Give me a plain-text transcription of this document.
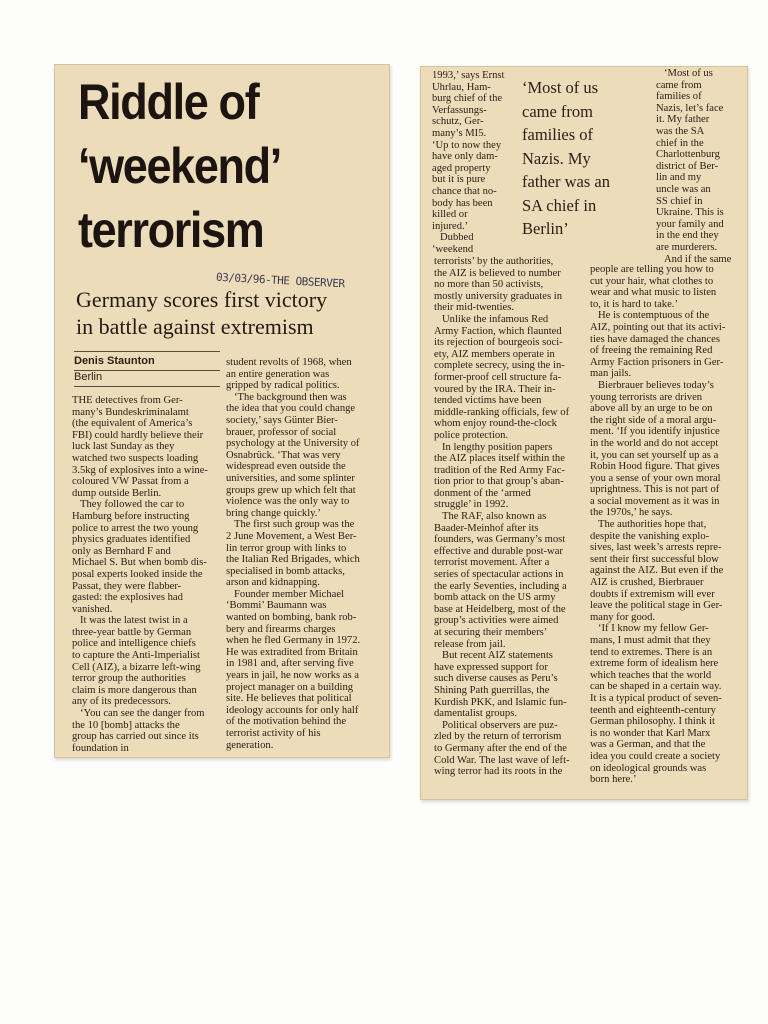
Riddle of
‘weekend’
terrorism
03/03/96-THE OBSERVER
Germany scores first victory
in battle against extremism
Denis Staunton
Berlin
THE detectives from Ger-
many’s Bundeskriminalamt
(the equivalent of America’s
FBI) could hardly believe their
luck last Sunday as they
watched two suspects loading
3.5kg of explosives into a wine-
coloured VW Passat from a
dump outside Berlin.
They followed the car to
Hamburg before instructing
police to arrest the two young
physics graduates identified
only as Bernhard F and
Michael S. But when bomb dis-
posal experts looked inside the
Passat, they were flabber-
gasted: the explosives had
vanished.
It was the latest twist in a
three-year battle by German
police and intelligence chiefs
to capture the Anti-Imperialist
Cell (AIZ), a bizarre left-wing
terror group the authorities
claim is more dangerous than
any of its predecessors.
‘You can see the danger from
the 10 [bomb] attacks the
group has carried out since its
foundation in
student revolts of 1968, when
an entire generation was
gripped by radical politics.
‘The background then was
the idea that you could change
society,’ says Günter Bier-
brauer, professor of social
psychology at the University of
Osnabrück. ‘That was very
widespread even outside the
universities, and some splinter
groups grew up which felt that
violence was the only way to
bring change quickly.’
The first such group was the
2 June Movement, a West Ber-
lin terror group with links to
the Italian Red Brigades, which
specialised in bomb attacks,
arson and kidnapping.
Founder member Michael
‘Bommi’ Baumann was
wanted on bombing, bank rob-
bery and firearms charges
when he fled Germany in 1972.
He was extradited from Britain
in 1981 and, after serving five
years in jail, he now works as a
project manager on a building
site. He believes that political
ideology accounts for only half
of the motivation behind the
terrorist activity of his
generation.
1993,’ says Ernst
Uhrlau, Ham-
burg chief of the
Verfassungs-
schutz, Ger-
many’s MI5.
‘Up to now they
have only dam-
aged property
but it is pure
chance that no-
body has been
killed or
injured.’
Dubbed
‘weekend
‘Most of us
came from
families of
Nazis. My
father was an
SA chief in
Berlin’
terrorists’ by the authorities,
the AIZ is believed to number
no more than 50 activists,
mostly university graduates in
their mid-twenties.
Unlike the infamous Red
Army Faction, which flaunted
its rejection of bourgeois soci-
ety, AIZ members operate in
complete secrecy, using the in-
former-proof cell structure fa-
voured by the IRA. Their in-
tended victims have been
middle-ranking officials, few of
whom enjoy round-the-clock
police protection.
In lengthy position papers
the AIZ places itself within the
tradition of the Red Army Fac-
tion prior to that group’s aban-
donment of the ‘armed
struggle’ in 1992.
The RAF, also known as
Baader-Meinhof after its
founders, was Germany’s most
effective and durable post-war
terrorist movement. After a
series of spectacular actions in
the early Seventies, including a
bomb attack on the US army
base at Heidelberg, most of the
group’s activities were aimed
at securing their members’
release from jail.
But recent AIZ statements
have expressed support for
such diverse causes as Peru’s
Shining Path guerrillas, the
Kurdish PKK, and Islamic fun-
damentalist groups.
Political observers are puz-
zled by the return of terrorism
to Germany after the end of the
Cold War. The last wave of left-
wing terror had its roots in the
‘Most of us
came from
families of
Nazis, let’s face
it. My father
was the SA
chief in the
Charlottenburg
district of Ber-
lin and my
uncle was an
SS chief in
Ukraine. This is
your family and
in the end they
are murderers.
And if the same
people are telling you how to
cut your hair, what clothes to
wear and what music to listen
to, it is hard to take.’
He is contemptuous of the
AIZ, pointing out that its activi-
ties have damaged the chances
of freeing the remaining Red
Army Faction prisoners in Ger-
man jails.
Bierbrauer believes today’s
young terrorists are driven
above all by an urge to be on
the right side of a moral argu-
ment. ‘If you identify injustice
in the world and do not accept
it, you can set yourself up as a
Robin Hood figure. That gives
you a sense of your own moral
uprightness. This is not part of
a social movement as it was in
the 1970s,’ he says.
The authorities hope that,
despite the vanishing explo-
sives, last week’s arrests repre-
sent their first successful blow
against the AIZ. But even if the
AIZ is crushed, Bierbrauer
doubts if extremism will ever
leave the political stage in Ger-
many for good.
‘If I know my fellow Ger-
mans, I must admit that they
tend to extremes. There is an
extreme form of idealism here
which teaches that the world
can be shaped in a certain way.
It is a typical product of seven-
teenth and eighteenth-century
German philosophy. I think it
is no wonder that Karl Marx
was a German, and that the
idea you could create a society
on ideological grounds was
born here.’
